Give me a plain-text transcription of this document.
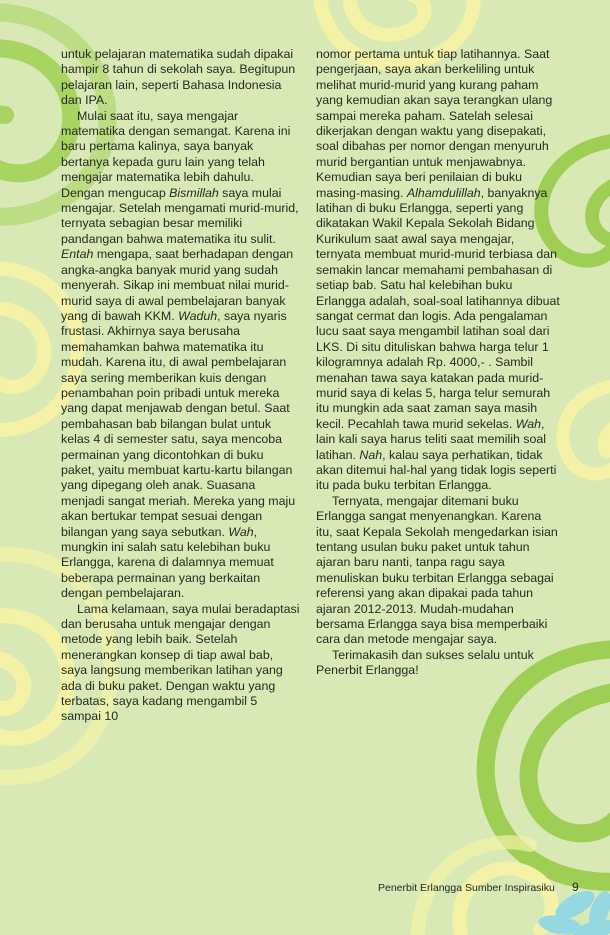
untuk pelajaran matematika sudah dipakai hampir 8 tahun di sekolah saya. Begitupun pelajaran lain, seperti Bahasa Indonesia dan IPA.

Mulai saat itu, saya mengajar matematika dengan semangat. Karena ini baru pertama kalinya, saya banyak bertanya kepada guru lain yang telah mengajar matematika lebih dahulu. Dengan mengucap Bismillah saya mulai mengajar. Setelah mengamati murid-murid, ternyata sebagian besar memiliki pandangan bahwa matematika itu sulit. Entah mengapa, saat berhadapan dengan angka-angka banyak murid yang sudah menyerah. Sikap ini membuat nilai murid-murid saya di awal pembelajaran banyak yang di bawah KKM. Waduh, saya nyaris frustasi. Akhirnya saya berusaha memahamkan bahwa matematika itu mudah. Karena itu, di awal pembelajaran saya sering memberikan kuis dengan penambahan poin pribadi untuk mereka yang dapat menjawab dengan betul. Saat pembahasan bab bilangan bulat untuk kelas 4 di semester satu, saya mencoba permainan yang dicontohkan di buku paket, yaitu membuat kartu-kartu bilangan yang dipegang oleh anak. Suasana menjadi sangat meriah. Mereka yang maju akan bertukar tempat sesuai dengan bilangan yang saya sebutkan. Wah, mungkin ini salah satu kelebihan buku Erlangga, karena di dalamnya memuat beberapa permainan yang berkaitan dengan pembelajaran.

Lama kelamaan, saya mulai beradaptasi dan berusaha untuk mengajar dengan metode yang lebih baik. Setelah menerangkan konsep di tiap awal bab, saya langsung memberikan latihan yang ada di buku paket. Dengan waktu yang terbatas, saya kadang mengambil 5 sampai 10

nomor pertama untuk tiap latihannya. Saat pengerjaan, saya akan berkeliling untuk melihat murid-murid yang kurang paham yang kemudian akan saya terangkan ulang sampai mereka paham. Satelah selesai dikerjakan dengan waktu yang disepakati, soal dibahas per nomor dengan menyuruh murid bergantian untuk menjawabnya. Kemudian saya beri penilaian di buku masing-masing. Alhamdulillah, banyaknya latihan di buku Erlangga, seperti yang dikatakan Wakil Kepala Sekolah Bidang Kurikulum saat awal saya mengajar, ternyata membuat murid-murid terbiasa dan semakin lancar memahami pembahasan di setiap bab. Satu hal kelebihan buku Erlangga adalah, soal-soal latihannya dibuat sangat cermat dan logis. Ada pengalaman lucu saat saya mengambil latihan soal dari LKS. Di situ dituliskan bahwa harga telur 1 kilogramnya adalah Rp. 4000,- . Sambil menahan tawa saya katakan pada murid-murid saya di kelas 5, harga telur semurah itu mungkin ada saat zaman saya masih kecil. Pecahlah tawa murid sekelas. Wah, lain kali saya harus teliti saat memilih soal latihan. Nah, kalau saya perhatikan, tidak akan ditemui hal-hal yang tidak logis seperti itu pada buku terbitan Erlangga.

Ternyata, mengajar ditemani buku Erlangga sangat menyenangkan. Karena itu, saat Kepala Sekolah mengedarkan isian tentang usulan buku paket untuk tahun ajaran baru nanti, tanpa ragu saya menuliskan buku terbitan Erlangga sebagai referensi yang akan dipakai pada tahun ajaran 2012-2013. Mudah-mudahan bersama Erlangga saya bisa memperbaiki cara dan metode mengajar saya.

Terimakasih dan sukses selalu untuk Penerbit Erlangga!

Penerbit Erlangga Sumber Inspirasiku 9
